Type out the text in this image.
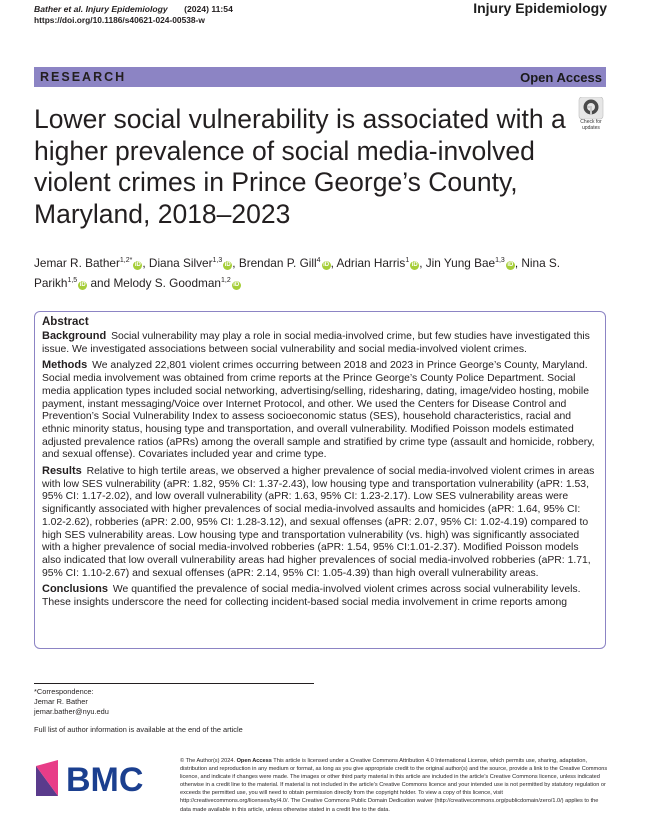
Bather et al. Injury Epidemiology (2024) 11:54
https://doi.org/10.1186/s40621-024-00538-w
Injury Epidemiology
RESEARCH	Open Access
Lower social vulnerability is associated with a higher prevalence of social media-involved violent crimes in Prince George’s County, Maryland, 2018–2023
Check for updates
Jemar R. Bather$^{1,2*}$iD , Diana Silver$^{1,3}$iD , Brendan P. Gill$^4$iD , Adrian Harris$^1$iD , Jin Yung Bae$^{1,3}$iD , Nina S. Parikh$^{1,5}$iD and Melody S. Goodman$^{1,2}$iD
Abstract

Background Social vulnerability may play a role in social media-involved crime, but few studies have investigated this issue. We investigated associations between social vulnerability and social media-involved violent crimes.

Methods We analyzed 22,801 violent crimes occurring between 2018 and 2023 in Prince George’s County, Maryland. Social media involvement was obtained from crime reports at the Prince George’s County Police Department. Social media application types included social networking, advertising/selling, ridesharing, dating, image/video hosting, mobile payment, instant messaging/Voice over Internet Protocol, and other. We used the Centers for Disease Control and Prevention’s Social Vulnerability Index to assess socioeconomic status (SES), household characteristics, racial and ethnic minority status, housing type and transportation, and overall vulnerability. Modified Poisson models estimated adjusted prevalence ratios (aPRs) among the overall sample and stratified by crime type (assault and homicide, robbery, and sexual offense). Covariates included year and crime type.

Results Relative to high tertile areas, we observed a higher prevalence of social media-involved violent crimes in areas with low SES vulnerability (aPR: 1.82, 95% CI: 1.37-2.43), low housing type and transportation vulnerability (aPR: 1.53, 95% CI: 1.17-2.02), and low overall vulnerability (aPR: 1.63, 95% CI: 1.23-2.17). Low SES vulnerability areas were significantly associated with higher prevalences of social media-involved assaults and homicides (aPR: 1.64, 95% CI: 1.02-2.62), robberies (aPR: 2.00, 95% CI: 1.28-3.12), and sexual offenses (aPR: 2.07, 95% CI: 1.02-4.19) compared to high SES vulnerability areas. Low housing type and transportation vulnerability (vs. high) was significantly associated with a higher prevalence of social media-involved robberies (aPR: 1.54, 95% CI:1.01-2.37). Modified Poisson models also indicated that low overall vulnerability areas had higher prevalences of social media-involved robberies (aPR: 1.71, 95% CI: 1.10-2.67) and sexual offenses (aPR: 2.14, 95% CI: 1.05-4.39) than high overall vulnerability areas.

Conclusions We quantified the prevalence of social media-involved violent crimes across social vulnerability levels. These insights underscore the need for collecting incident-based social media involvement in crime reports among

*Correspondence:
Jemar R. Bather
jemar.bather@nyu.edu
Full list of author information is available at the end of the article
BMC	© The Author(s) 2024. Open Access This article is licensed under a Creative Commons Attribution 4.0 International License, which permits use, sharing, adaptation, distribution and reproduction in any medium or format, as long as you give appropriate credit to the original author(s) and the source, provide a link to the Creative Commons licence, and indicate if changes were made. The images or other third party material in this article are included in the article’s Creative Commons licence, unless indicated otherwise in a credit line to the material. If material is not included in the article’s Creative Commons licence and your intended use is not permitted by statutory regulation or exceeds the permitted use, you will need to obtain permission directly from the copyright holder. To view a copy of this licence, visit http://creativecommons.org/licenses/by/4.0/. The Creative Commons Public Domain Dedication waiver (http://creativecommons.org/publicdomain/zero/1.0/) applies to the data made available in this article, unless otherwise stated in a credit line to the data.
